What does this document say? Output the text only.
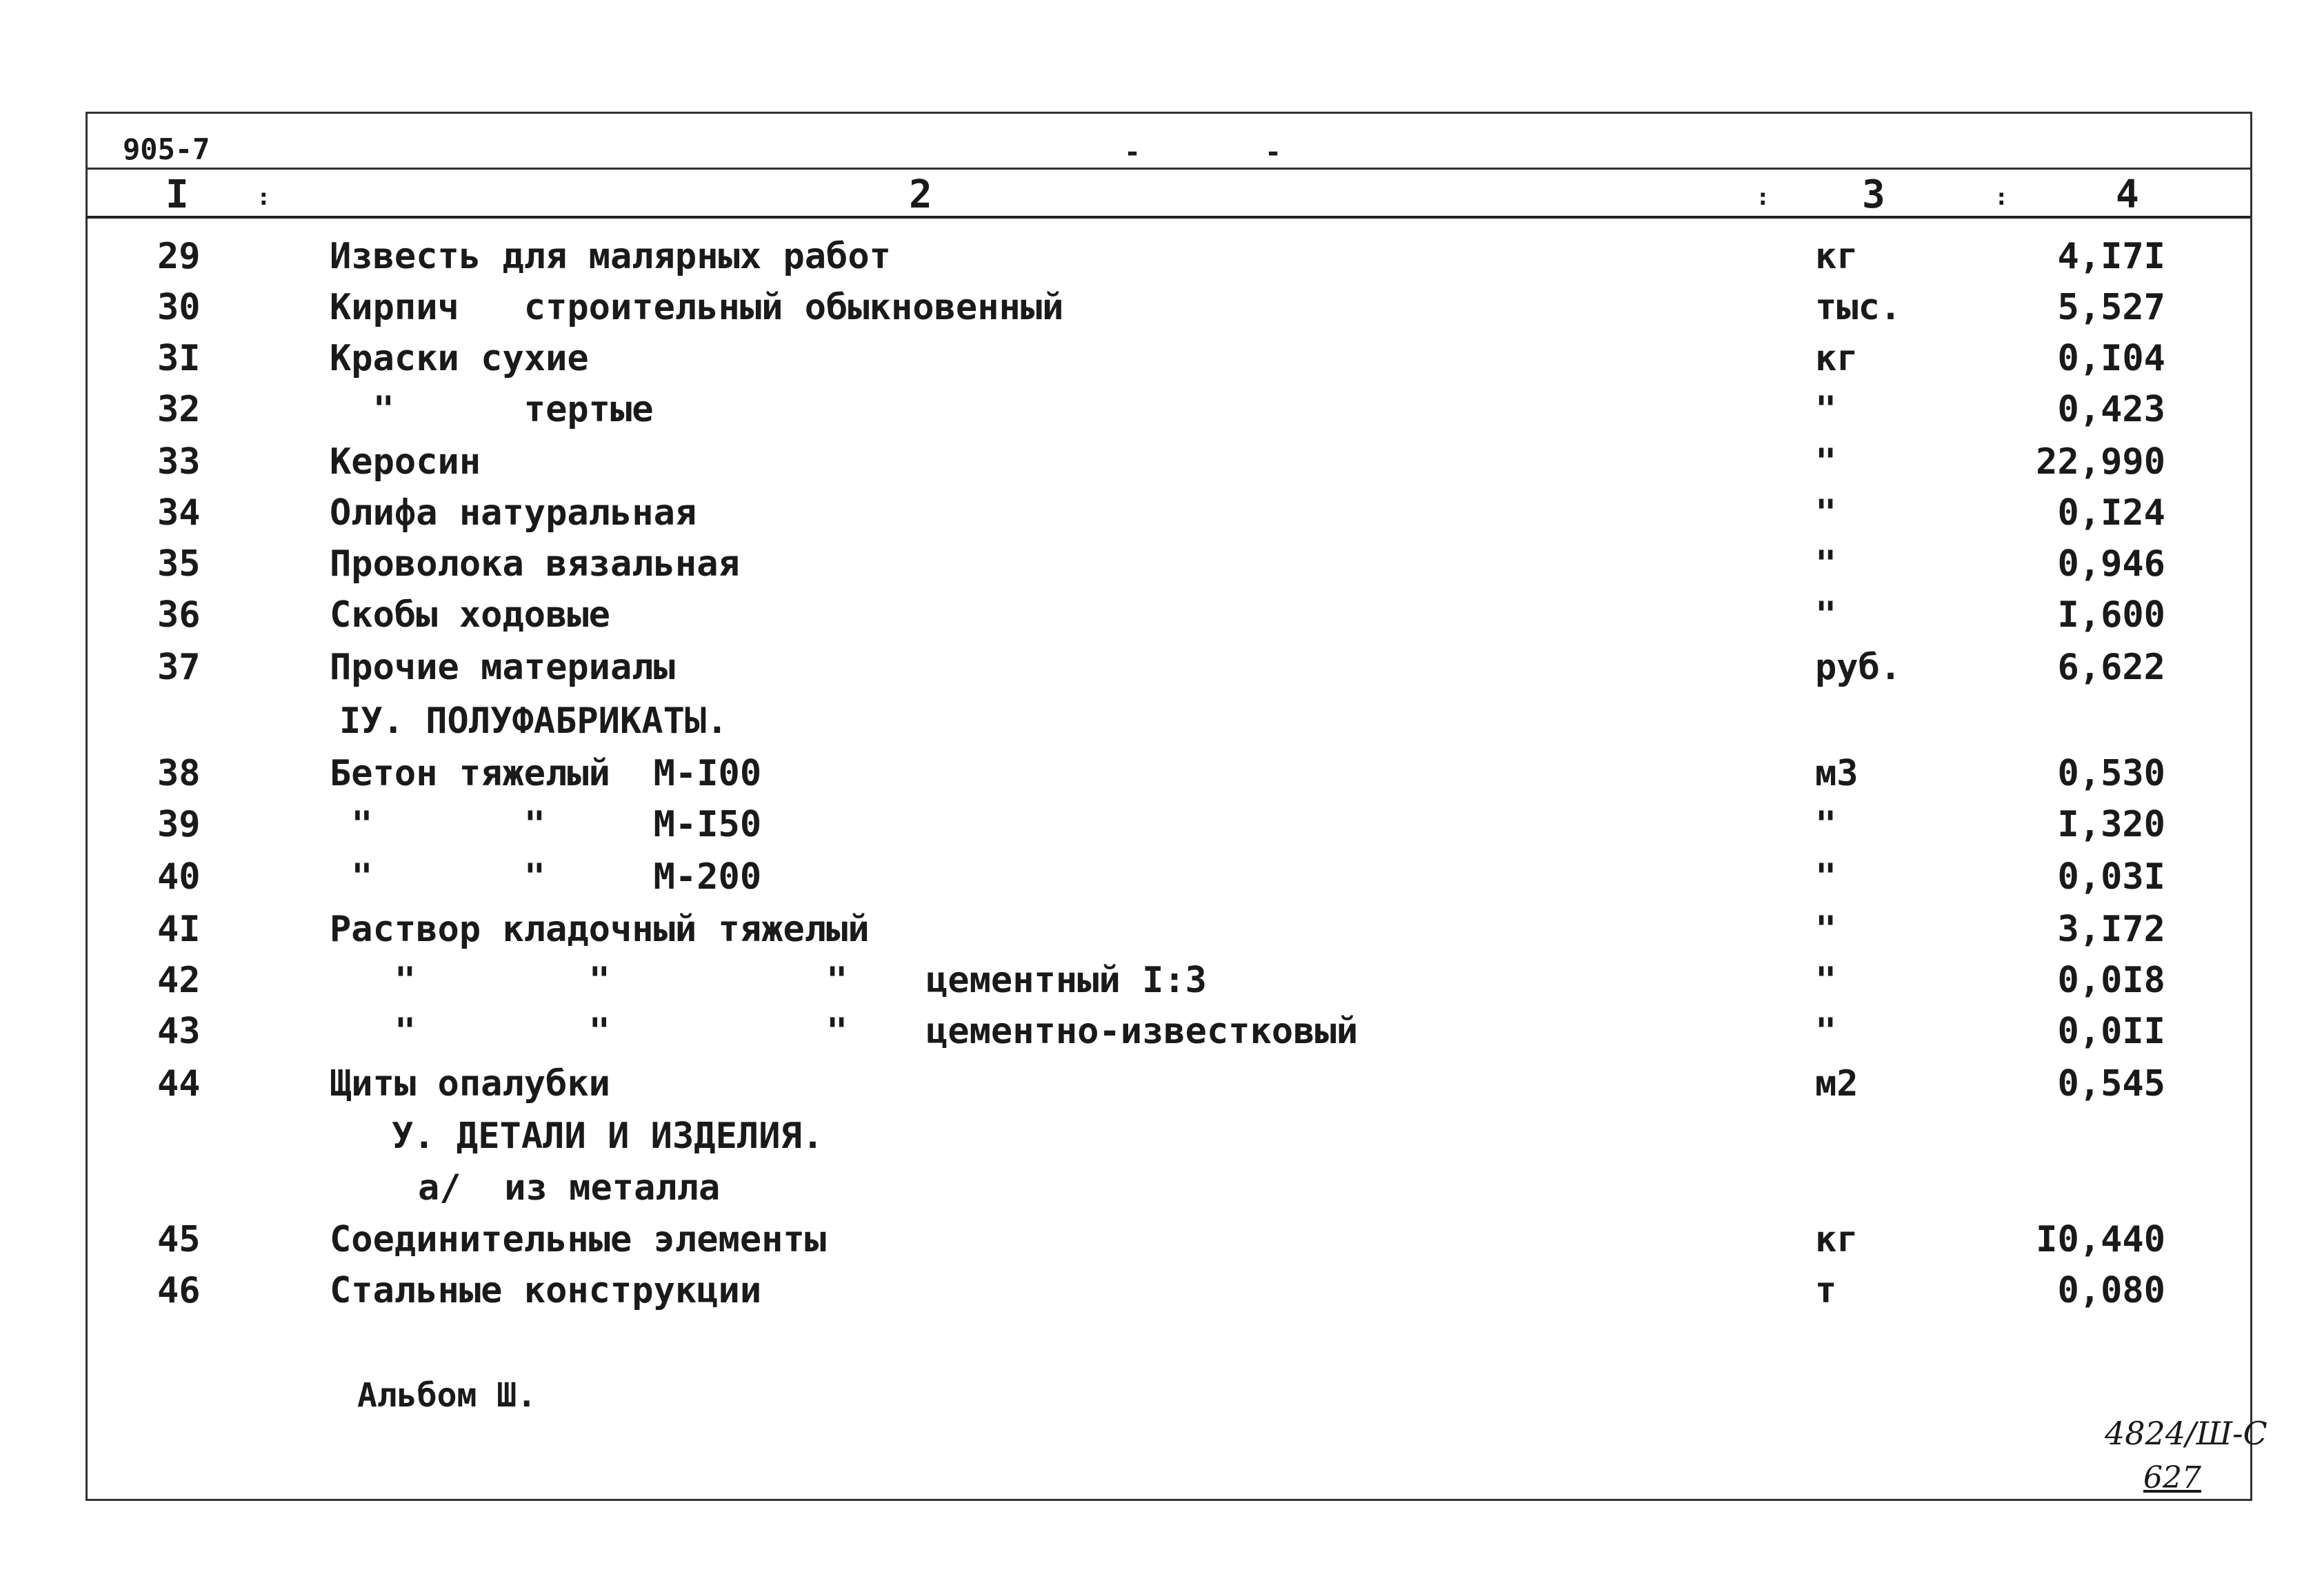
905-7	--
I	:	2	: 3	:	4
29	Известь для малярных работ	кг	4,I7I
30	Кирпич   строительный обыкновенный	тыс.	5,527
3I	Краски сухие	кг	0,I04
32	"      тертые	"	0,423
33	Керосин	"	22,990
34	Олифа натуральная	"	0,I24
35	Проволока вязальная	"	0,946
36	Скобы ходовые	"	I,600
37	Прочие материалы	руб.	6,622
38	Бетон тяжелый  М-I00	м3	0,530
39	"       "     М-I50	"	I,320
40	"       "     М-200	"	0,03I
4I	Раствор кладочный тяжелый	"	3,I72
42	"        "          " цементный I:3	"	0,0I8
43	"        "          " цементно-известковый	"	0,0II
44	Щиты опалубки	м2	0,545
45	Соединительные элементы	кг	I0,440
46	Стальные конструкции	т	0,080
IУ. ПОЛУФАБРИКАТЫ.
У. ДЕТАЛИ И ИЗДЕЛИЯ.
а/  из металла
Альбом Ш.
4824/Ш-С
627
